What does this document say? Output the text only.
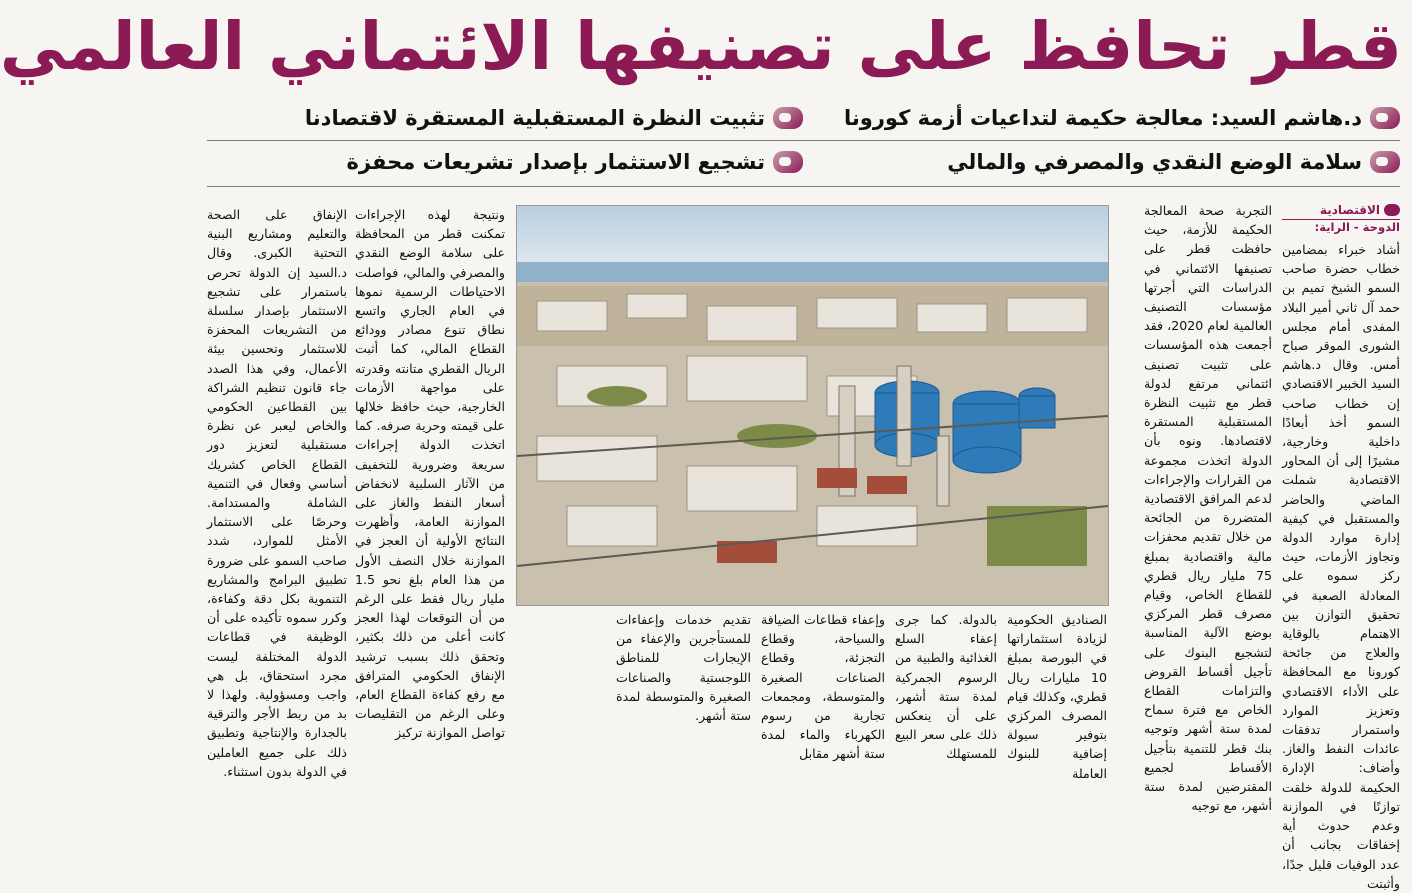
قطر تحافظ على تصنيفها الائتماني العالمي
د.هاشم السيد: معالجة حكيمة لتداعيات أزمة كورونا
تثبيت النظرة المستقبلية المستقرة لاقتصادنا
سلامة الوضع النقدي والمصرفي والمالي
تشجيع الاستثمار بإصدار تشريعات محفزة
الاقتصادية
الدوحة - الراية:
أشاد خبراء بمضامين خطاب حضرة صاحب السمو الشيخ تميم بن حمد آل ثاني أمير البلاد المفدى أمام مجلس الشورى الموقر صباح أمس. وقال د.هاشم السيد الخبير الاقتصادي إن خطاب صاحب السمو أخذ أبعادًا داخلية وخارجية، مشيرًا إلى أن المحاور الاقتصادية شملت الماضي والحاضر والمستقبل في كيفية إدارة موارد الدولة وتجاوز الأزمات، حيث ركز سموه على المعادلة الصعبة في تحقيق التوازن بين الاهتمام بالوقاية والعلاج من جائحة كورونا مع المحافظة على الأداء الاقتصادي وتعزيز الموارد واستمرار تدفقات عائدات النفط والغاز. وأضاف: الإدارة الحكيمة للدولة خلقت توازنًا في الموازنة وعدم حدوث أية إخفاقات بجانب أن عدد الوفيات قليل جدًا، وأثبتت
التجربة صحة المعالجة الحكيمة للأزمة، حيث حافظت قطر على تصنيفها الائتماني في الدراسات التي أجرتها مؤسسات التصنيف العالمية لعام 2020، فقد أجمعت هذه المؤسسات على تثبيت تصنيف ائتماني مرتفع لدولة قطر مع تثبيت النظرة المستقبلية المستقرة لاقتصادها. ونوه بأن الدولة اتخذت مجموعة من القرارات والإجراءات لدعم المرافق الاقتصادية المتضررة من الجائحة من خلال تقديم محفزات مالية واقتصادية بمبلغ 75 مليار ريال قطري للقطاع الخاص، وقيام مصرف قطر المركزي بوضع الآلية المناسبة لتشجيع البنوك على تأجيل أقساط القروض والتزامات القطاع الخاص مع فترة سماح لمدة ستة أشهر وتوجيه بنك قطر للتنمية بتأجيل الأقساط لجميع المقترضين لمدة ستة أشهر، مع توجيه
الصناديق الحكومية لزيادة استثماراتها في البورصة بمبلغ 10 مليارات ريال قطري، وكذلك قيام المصرف المركزي بتوفير سيولة إضافية للبنوك العاملة
بالدولة. كما جرى إعفاء السلع الغذائية والطبية من الرسوم الجمركية لمدة ستة أشهر، على أن ينعكس ذلك على سعر البيع للمستهلك
وإعفاء قطاعات الضيافة والسياحة، وقطاع التجزئة، وقطاع الصناعات الصغيرة والمتوسطة، ومجمعات تجارية من رسوم الكهرباء والماء لمدة ستة أشهر مقابل
تقديم خدمات وإعفاءات للمستأجرين والإعفاء من الإيجارات للمناطق اللوجستية والصناعات الصغيرة والمتوسطة لمدة ستة أشهر.
ونتيجة لهذه الإجراءات تمكنت قطر من المحافظة على سلامة الوضع النقدي والمصرفي والمالي، فواصلت الاحتياطات الرسمية نموها في العام الجاري واتسع نطاق تنوع مصادر وودائع القطاع المالي، كما أثبت الريال القطري متانته وقدرته على مواجهة الأزمات الخارجية، حيث حافظ خلالها على قيمته وحرية صرفه. كما اتخذت الدولة إجراءات سريعة وضرورية للتخفيف من الآثار السلبية لانخفاض أسعار النفط والغاز على الموازنة العامة، وأظهرت النتائج الأولية أن العجز في الموازنة خلال النصف الأول من هذا العام بلغ نحو 1.5 مليار ريال فقط على الرغم من أن التوقعات لهذا العجز كانت أعلى من ذلك بكثير، وتحقق ذلك بسبب ترشيد الإنفاق الحكومي المترافق مع رفع كفاءة القطاع العام، وعلى الرغم من التقليصات تواصل الموازنة تركيز
الإنفاق على الصحة والتعليم ومشاريع البنية التحتية الكبرى. وقال د.السيد إن الدولة تحرص باستمرار على تشجيع الاستثمار بإصدار سلسلة من التشريعات المحفزة للاستثمار وتحسين بيئة الأعمال، وفي هذا الصدد جاء قانون تنظيم الشراكة بين القطاعين الحكومي والخاص ليعبر عن نظرة مستقبلية لتعزيز دور القطاع الخاص كشريك أساسي وفعال في التنمية الشاملة والمستدامة. وحرصًا على الاستثمار الأمثل للموارد، شدد صاحب السمو على ضرورة تطبيق البرامج والمشاريع التنموية بكل دقة وكفاءة، وكرر سموه تأكيده على أن الوظيفة في قطاعات الدولة المختلفة ليست مجرد استحقاق، بل هي واجب ومسؤولية. ولهذا لا بد من ربط الأجر والترقية بالجدارة والإنتاجية وتطبيق ذلك على جميع العاملين في الدولة بدون استثناء.
